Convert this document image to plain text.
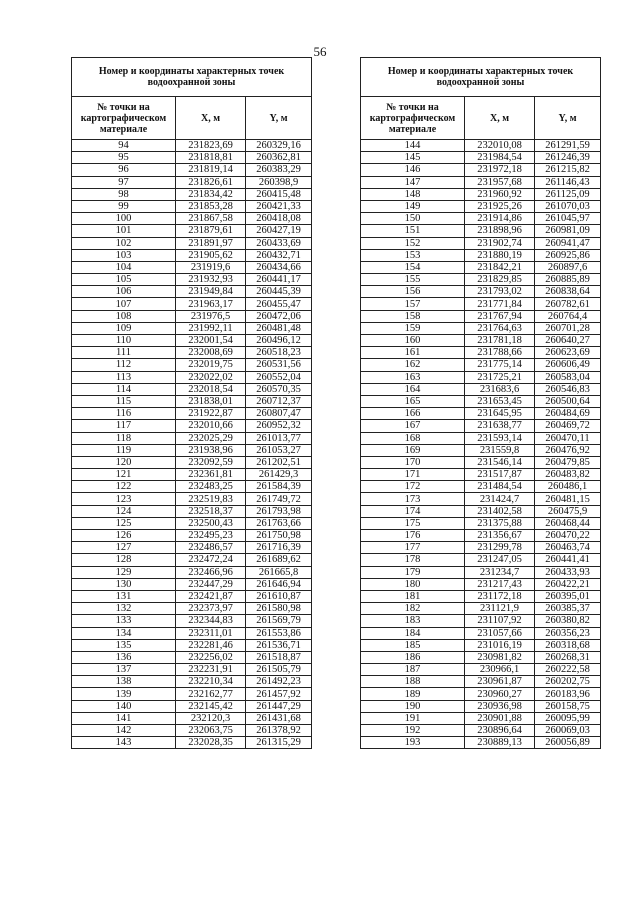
56
Номер и координаты характерных точек водоохранной зоны		
№ точки на картографическом материале	X, м	Y, м
94	231823,69	260329,16
95	231818,81	260362,81
96	231819,14	260383,29
97	231826,61	260398,9
98	231834,42	260415,48
99	231853,28	260421,33
100	231867,58	260418,08
101	231879,61	260427,19
102	231891,97	260433,69
103	231905,62	260432,71
104	231919,6	260434,66
105	231932,93	260441,17
106	231949,84	260445,39
107	231963,17	260455,47
108	231976,5	260472,06
109	231992,11	260481,48
110	232001,54	260496,12
111	232008,69	260518,23
112	232019,75	260531,56
113	232022,02	260552,04
114	232018,54	260570,35
115	231838,01	260712,37
116	231922,87	260807,47
117	232010,66	260952,32
118	232025,29	261013,77
119	231938,96	261053,27
120	232092,59	261202,51
121	232361,81	261429,3
122	232483,25	261584,39
123	232519,83	261749,72
124	232518,37	261793,98
125	232500,43	261763,66
126	232495,23	261750,98
127	232486,57	261716,39
128	232472,24	261689,62
129	232466,96	261665,8
130	232447,29	261646,94
131	232421,87	261610,87
132	232373,97	261580,98
133	232344,83	261569,79
134	232311,01	261553,86
135	232281,46	261536,71
136	232256,02	261518,87
137	232231,91	261505,79
138	232210,34	261492,23
139	232162,77	261457,92
140	232145,42	261447,29
141	232120,3	261431,68
142	232063,75	261378,92
143	232028,35	261315,29
Номер и координаты характерных точек водоохранной зоны		
№ точки на картографическом материале	X, м	Y, м
144	232010,08	261291,59
145	231984,54	261246,39
146	231972,18	261215,82
147	231957,68	261146,43
148	231960,92	261125,09
149	231925,26	261070,03
150	231914,86	261045,97
151	231898,96	260981,09
152	231902,74	260941,47
153	231880,19	260925,86
154	231842,21	260897,6
155	231829,85	260885,89
156	231793,02	260838,64
157	231771,84	260782,61
158	231767,94	260764,4
159	231764,63	260701,28
160	231781,18	260640,27
161	231788,66	260623,69
162	231775,14	260606,49
163	231725,21	260583,04
164	231683,6	260546,83
165	231653,45	260500,64
166	231645,95	260484,69
167	231638,77	260469,72
168	231593,14	260470,11
169	231559,8	260476,92
170	231546,14	260479,85
171	231517,87	260483,82
172	231484,54	260486,1
173	231424,7	260481,15
174	231402,58	260475,9
175	231375,88	260468,44
176	231356,67	260470,22
177	231299,78	260463,74
178	231247,05	260441,41
179	231234,7	260433,93
180	231217,43	260422,21
181	231172,18	260395,01
182	231121,9	260385,37
183	231107,92	260380,82
184	231057,66	260356,23
185	231016,19	260318,68
186	230981,82	260268,31
187	230966,1	260222,58
188	230961,87	260202,75
189	230960,27	260183,96
190	230936,98	260158,75
191	230901,88	260095,99
192	230896,64	260069,03
193	230889,13	260056,89
